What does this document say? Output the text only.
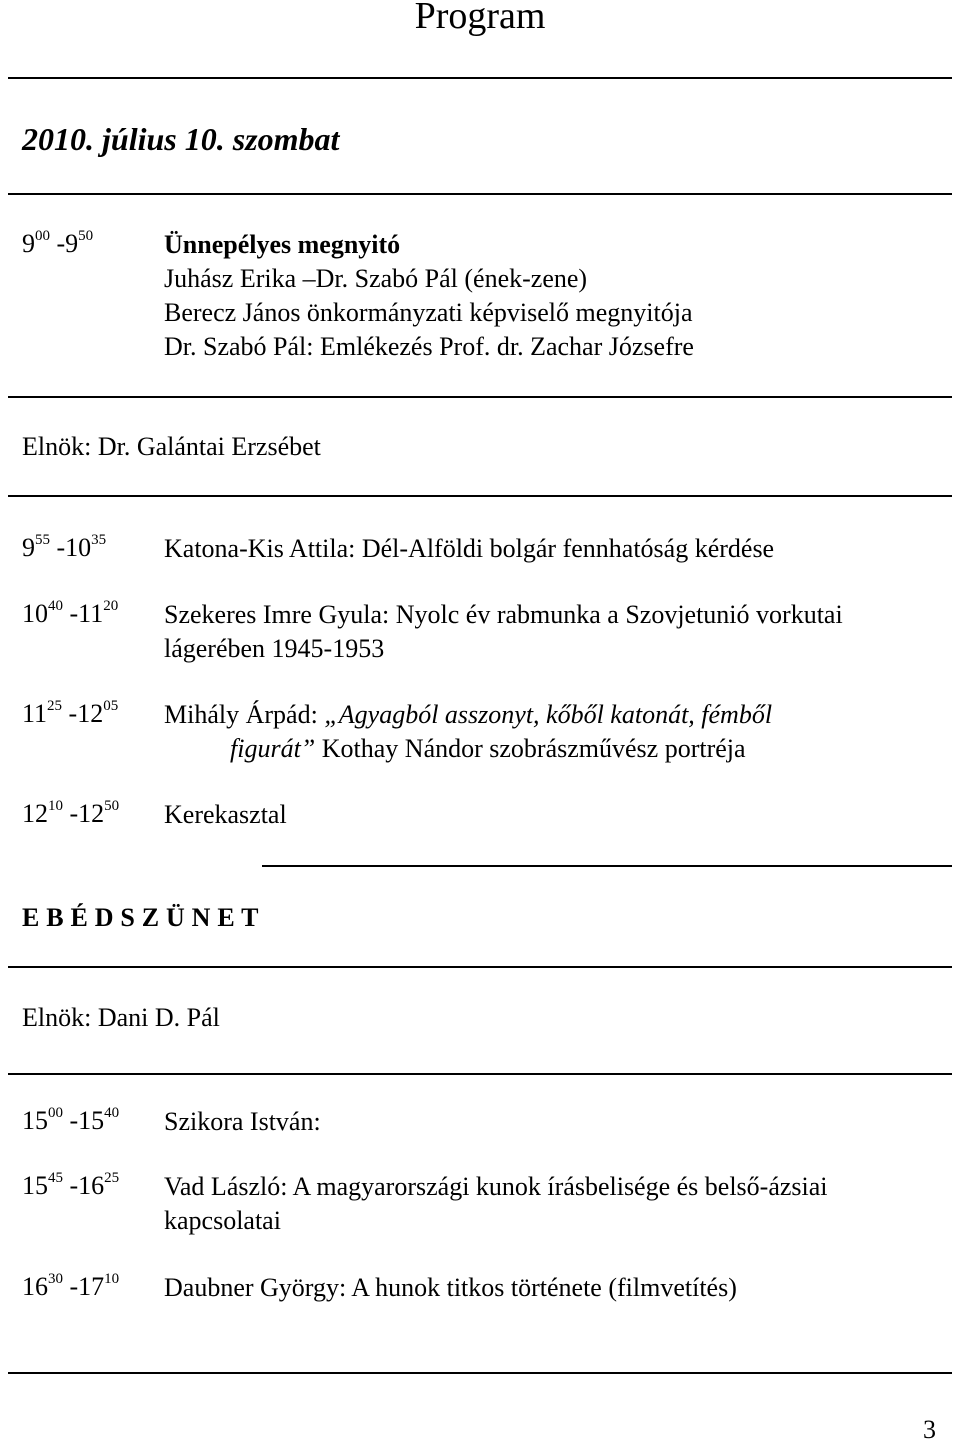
Program
2010. július 10. szombat
$9^{00}$ $-9^{50}$	Ünnepélyes megnyitó
Juhász Erika –Dr. Szabó Pál (ének-zene)
Berecz János önkormányzati képviselő megnyitója
Dr. Szabó Pál: Emlékezés Prof. dr. Zachar Józsefre
Elnök: Dr. Galántai Erzsébet
$9^{55}$ $-10^{35}$ Katona-Kis Attila: Dél-Alföldi bolgár fennhatóság kérdése
$10^{40}$ $-11^{20}$ Szekeres Imre Gyula: Nyolc év rabmunka a Szovjetunió vorkutai
lágerében 1945-1953
$11^{25}$ $-12^{05}$ Mihály Árpád: „Agyagból asszonyt, kőből katonát, fémből
figurát” Kothay Nándor szobrászművész portréja
$12^{10}$ $-12^{50}$ Kerekasztal
E B É D S Z Ü N E T
Elnök: Dani D. Pál
$15^{00}$ $-15^{40}$ Szikora István:
$15^{45}$ $-16^{25}$ Vad László: A magyarországi kunok írásbelisége és belső-ázsiai
kapcsolatai
$16^{30}$ $-17^{10}$ Daubner György: A hunok titkos története (filmvetítés)
3
